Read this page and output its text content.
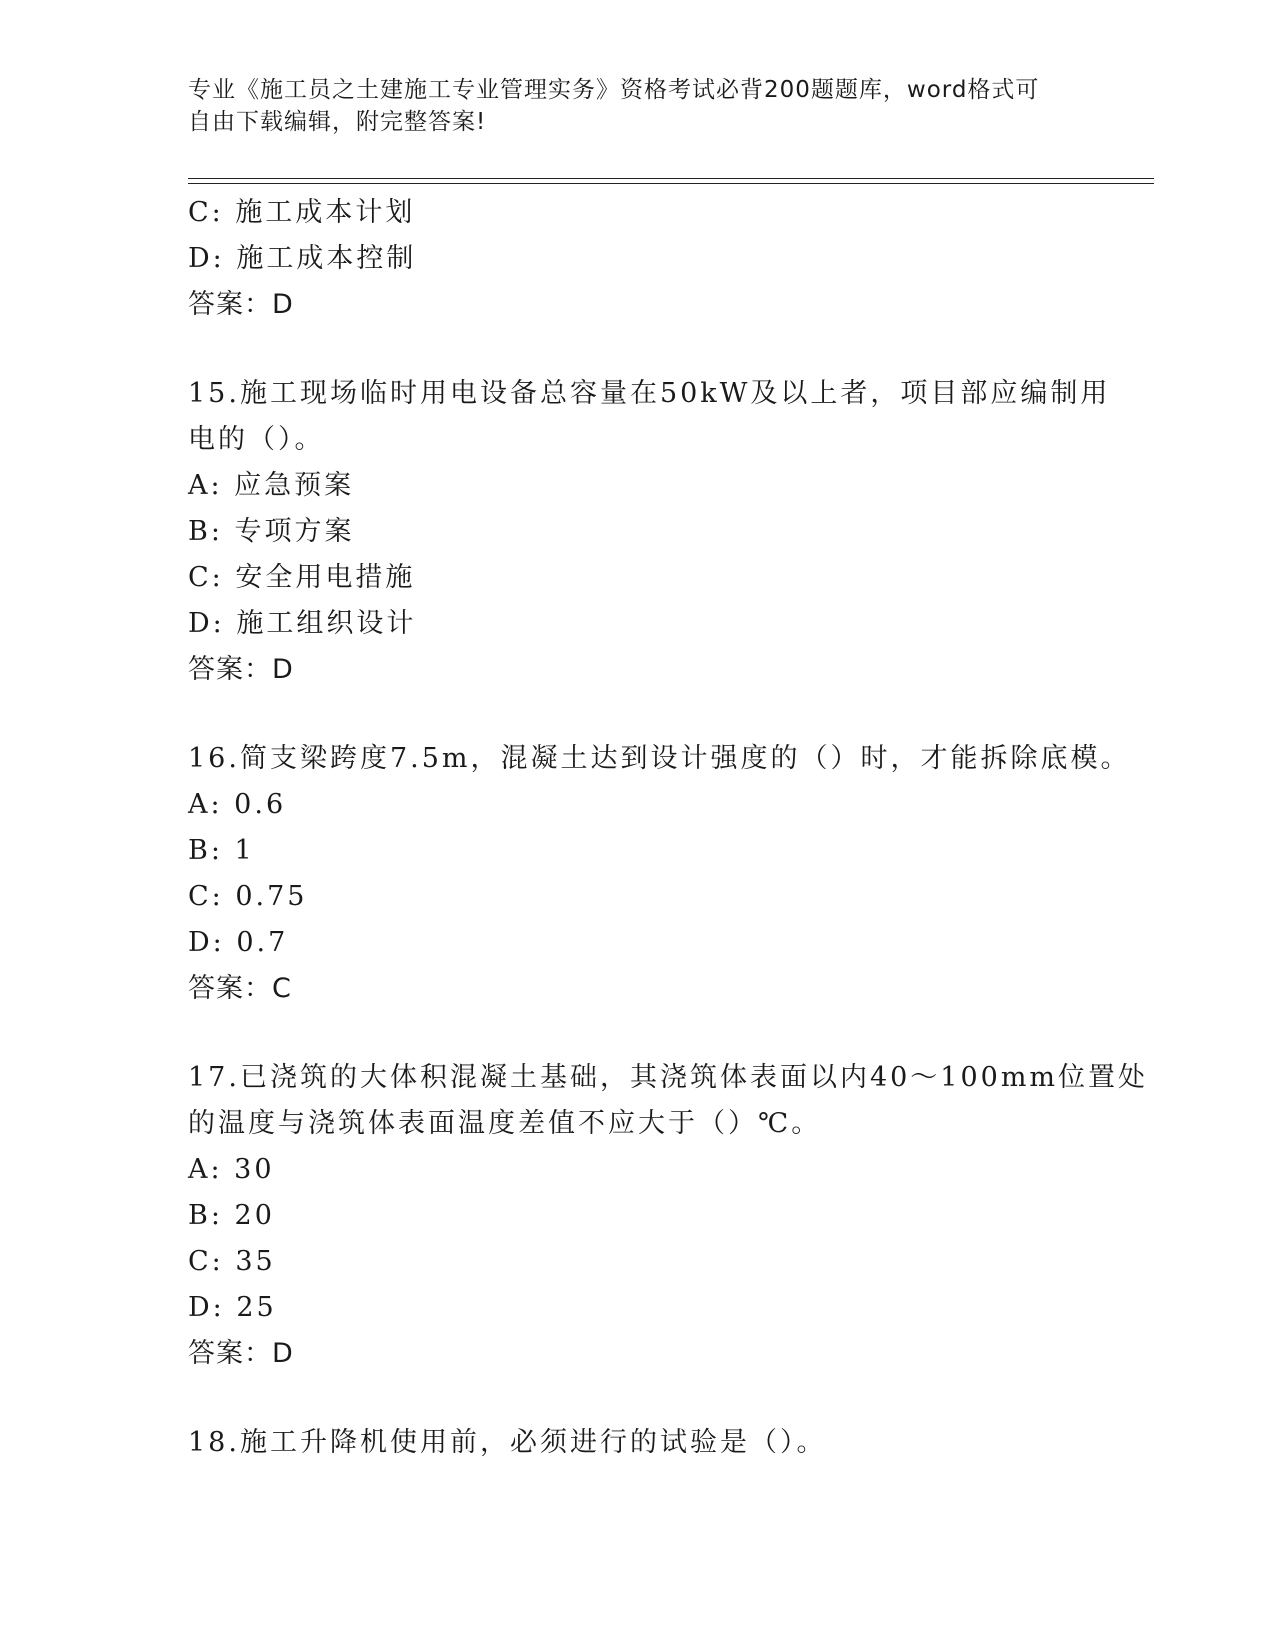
专业《施工员之土建施工专业管理实务》资格考试必背200题题库，word格式可

自由下载编辑，附完整答案!

C: 施工成本计划

D: 施工成本控制

答案：D

15.施工现场临时用电设备总容量在50kW及以上者，项目部应编制用

电的（）。

A: 应急预案

B: 专项方案

C: 安全用电措施

D: 施工组织设计

答案：D

16.简支梁跨度7.5m，混凝土达到设计强度的（）时，才能拆除底模。

A: 0.6

B: 1

C: 0.75

D: 0.7

答案：C

17.已浇筑的大体积混凝土基础，其浇筑体表面以内40～100mm位置处

的温度与浇筑体表面温度差值不应大于（）℃。

A: 30

B: 20

C: 35

D: 25

答案：D

18.施工升降机使用前，必须进行的试验是（）。
